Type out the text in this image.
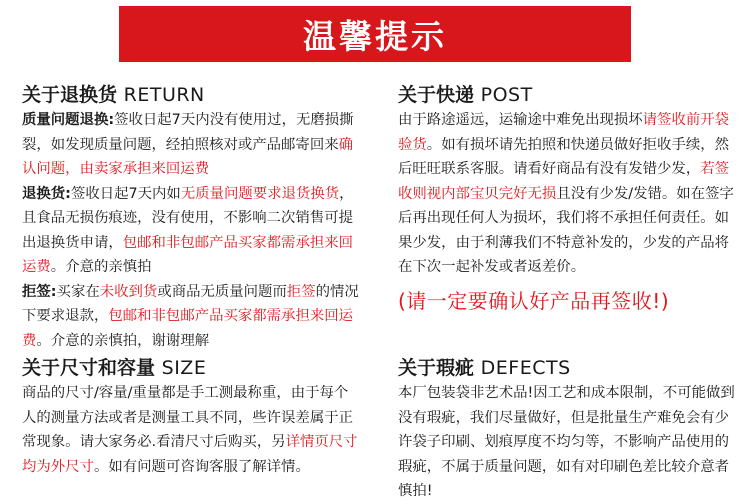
温馨提示
关于退换货 RETURN

质量问题退换:签收日起7天内没有使用过，无磨损撕裂，如发现质量问题，经拍照核对或产品邮寄回来确认问题，由卖家承担来回运费

退换货:签收日起7天内如无质量问题要求退货换货，且食品无损伤痕迹，没有使用，不影响二次销售可提出退换货申请，包邮和非包邮产品买家都需承担来回运费。介意的亲慎拍

拒签:买家在未收到货或商品无质量问题而拒签的情况下要求退款，包邮和非包邮产品买家都需承担来回运费。介意的亲慎拍，谢谢理解

关于尺寸和容量 SIZE

商品的尺寸/容量/重量都是手工测最称重，由于每个人的测量方法或者是测量工具不同，些许误差属于正常现象。请大家务必.看清尺寸后购买，另详情页尺寸均为外尺寸。如有问题可咨询客服了解详情。

关于快递 POST

由于路途遥远，运输途中难免出现损坏请签收前开袋验货。如有损坏请先拍照和快递员做好拒收手续，然后旺旺联系客服。请看好商品有没有发错少发，若签收则视内部宝贝完好无损且没有少发/发错。如在签字后再出现任何人为损坏，我们将不承担任何责任。如果少发，由于利薄我们不特意补发的，少发的产品将在下次一起补发或者返差价。

(请一定要确认好产品再签收!)
关于瑕疵 DEFECTS

本厂包装袋非艺术品!因工艺和成本限制，不可能做到没有瑕疵，我们尽量做好，但是批量生产难免会有少许袋子印刷、划痕厚度不均匀等，不影响产品使用的瑕疵，不属于质量问题，如有对印刷色差比较介意者慎拍!
